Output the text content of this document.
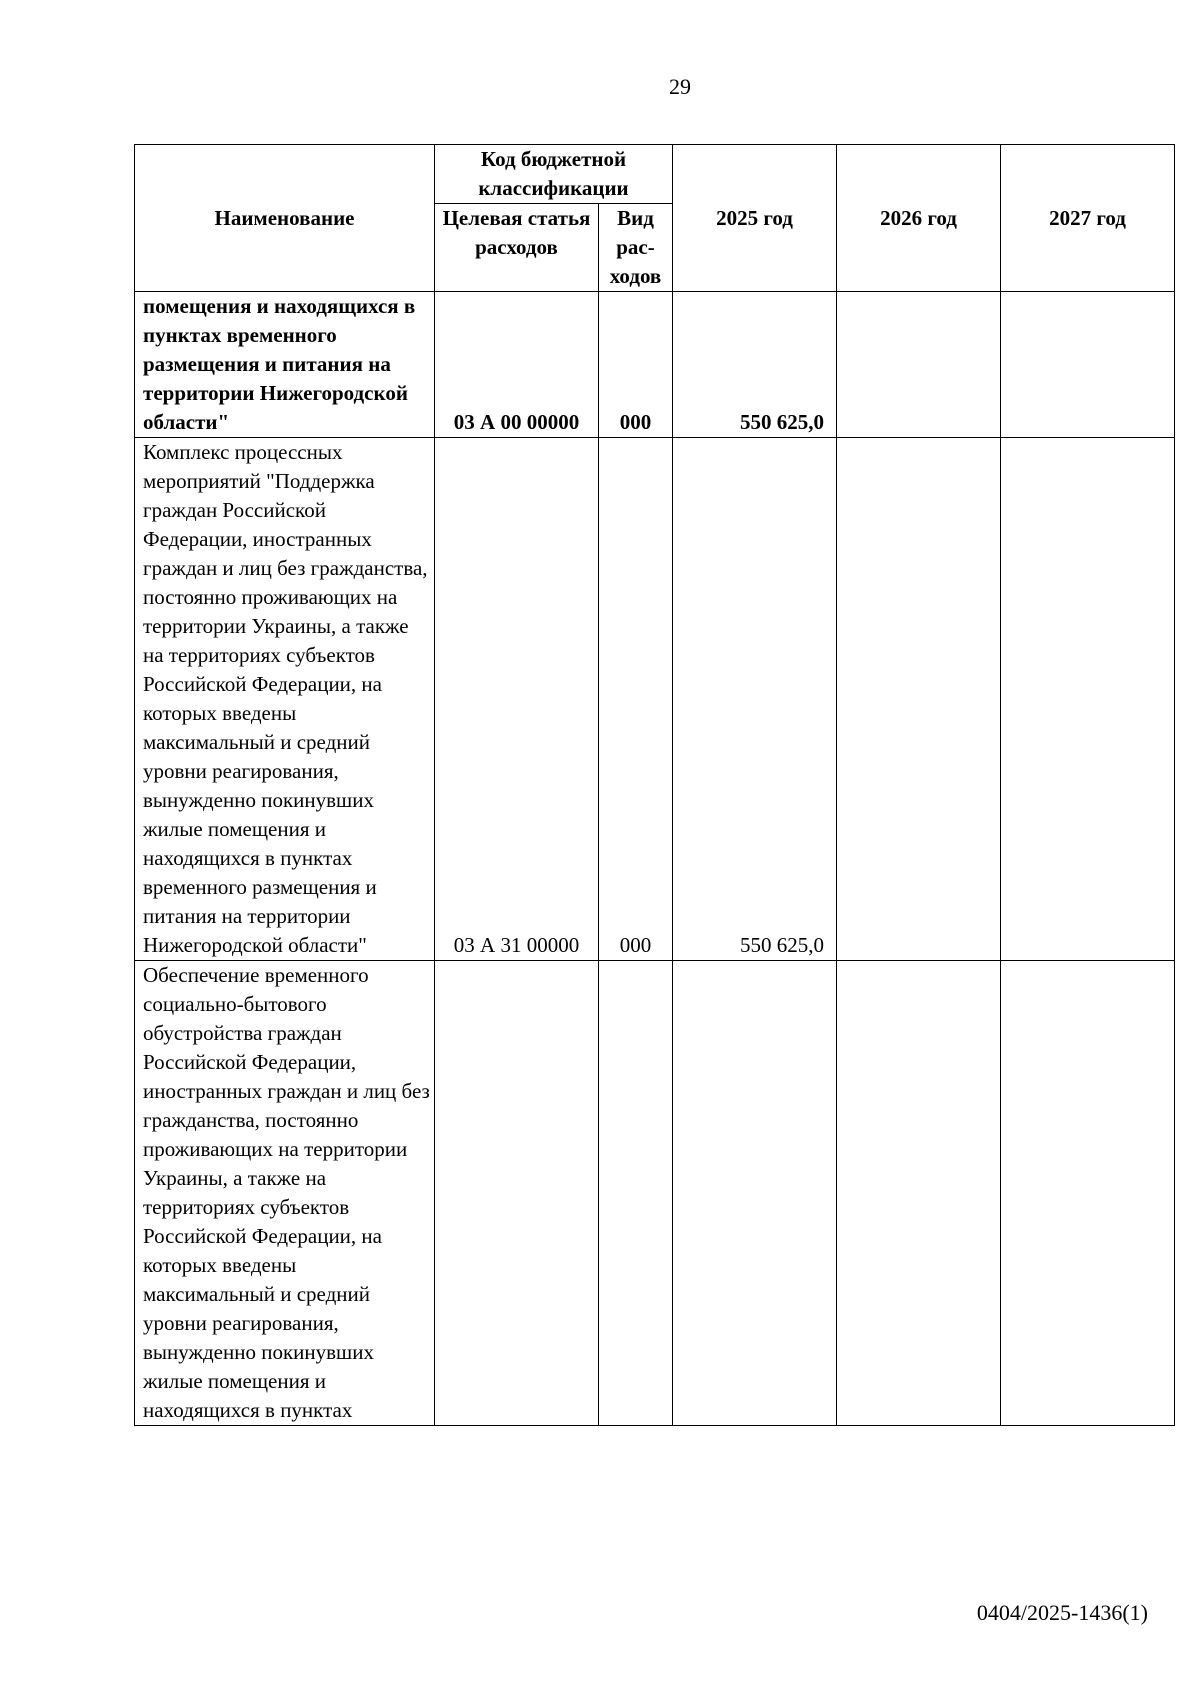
29
Наименование	Код бюджетной классификации		2025 год	2026 год	2027 год
	Целевая статья расходов	Вид рас-ходов			
помещения и находящихся в пунктах временного размещения и питания на территории Нижегородской области"	03 А 00 00000	000	550 625,0		
Комплекс процессных мероприятий "Поддержка граждан Российской Федерации, иностранных граждан и лиц без гражданства, постоянно проживающих на территории Украины, а также на территориях субъектов Российской Федерации, на которых введены максимальный и средний уровни реагирования, вынужденно покинувших жилые помещения и находящихся в пунктах временного размещения и питания на территории Нижегородской области"	03 А 31 00000	000	550 625,0		
Обеспечение временного социально-бытового обустройства граждан Российской Федерации, иностранных граждан и лиц без гражданства, постоянно проживающих на территории Украины, а также на территориях субъектов Российской Федерации, на которых введены максимальный и средний уровни реагирования, вынужденно покинувших жилые помещения и находящихся в пунктах					
0404/2025-1436(1)
